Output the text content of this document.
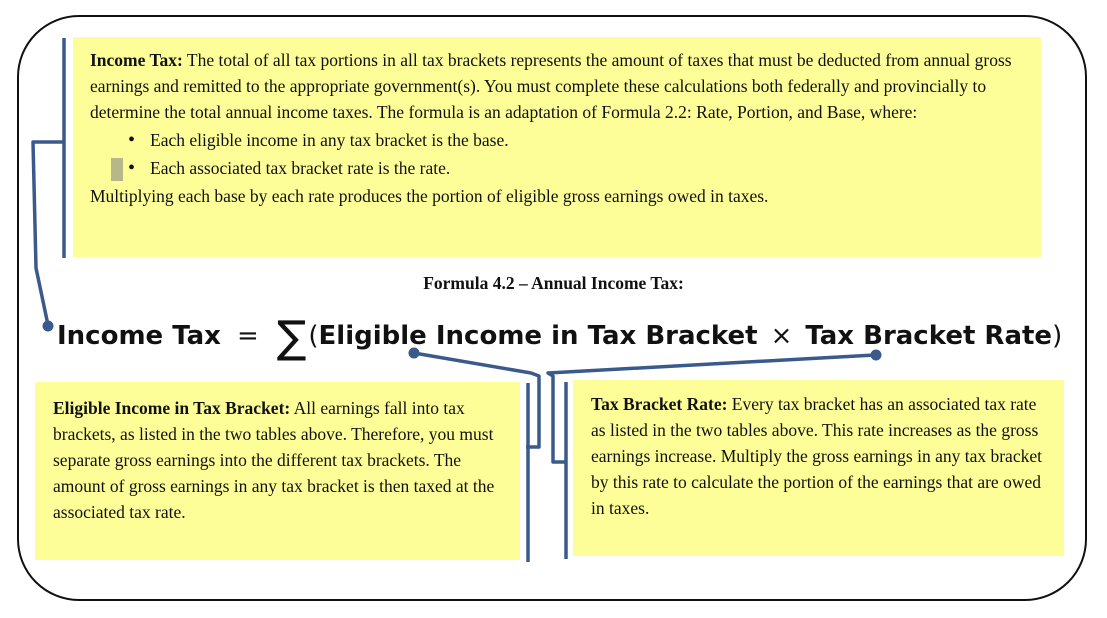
Income Tax: The total of all tax portions in all tax brackets represents the amount of taxes that must be deducted from annual gross earnings and remitted to the appropriate government(s). You must complete these calculations both federally and provincially to determine the total annual income taxes. The formula is an adaptation of Formula 2.2: Rate, Portion, and Base, where:
• Each eligible income in any tax bracket is the base.
• Each associated tax bracket rate is the rate.
Multiplying each base by each rate produces the portion of eligible gross earnings owed in taxes.
Formula 4.2 – Annual Income Tax:
Income Tax = ∑(Eligible Income in Tax Bracket × Tax Bracket Rate)
Eligible Income in Tax Bracket: All earnings fall into tax brackets, as listed in the two tables above. Therefore, you must separate gross earnings into the different tax brackets. The amount of gross earnings in any tax bracket is then taxed at the associated tax rate.
Tax Bracket Rate: Every tax bracket has an associated tax rate as listed in the two tables above. This rate increases as the gross earnings increase. Multiply the gross earnings in any tax bracket by this rate to calculate the portion of the earnings that are owed in taxes.
